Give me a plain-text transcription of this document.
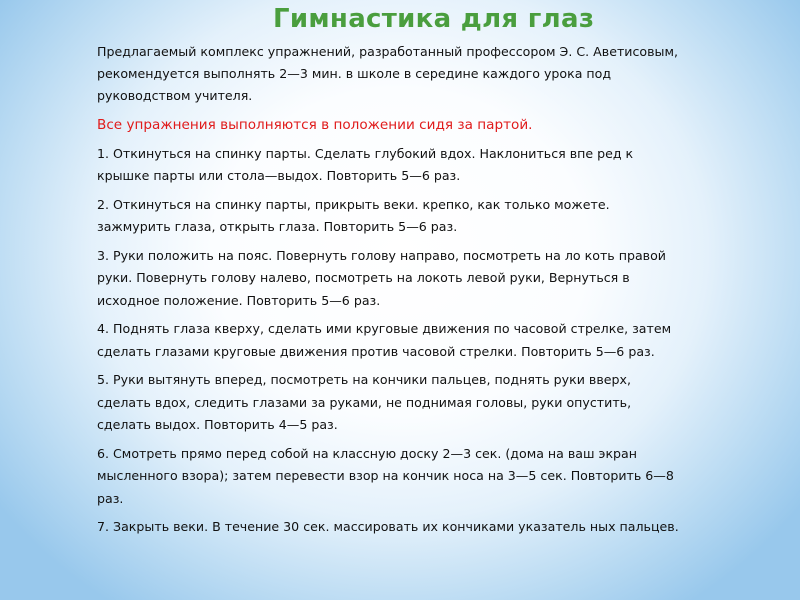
Гимнастика для глаз

Предлагаемый комплекс упражнений, разработанный профессором Э. С. Аветисовым, рекомендуется выполнять 2—3 мин. в школе в середине каждого урока под руководством учителя.

Все упражнения выполняются в положении сидя за партой.

1. Откинуться на спинку парты. Сделать глубокий вдох. Наклониться впе ред к крышке парты или стола—выдох. Повторить 5—6 раз.

2. Откинуться на спинку парты, прикрыть веки. крепко, как только можете. зажмурить глаза, открыть глаза. Повторить 5—6 раз.

3. Руки положить на пояс. Повернуть голову направо, посмотреть на ло коть правой руки. Повернуть голову налево, посмотреть на локоть левой руки, Вернуться в исходное положение. Повторить 5—6 раз.

4. Поднять глаза кверху, сделать ими круговые движения по часовой стрелке, затем сделать глазами круговые движения против часовой стрелки. Повторить 5—6 раз.

5. Руки вытянуть вперед, посмотреть на кончики пальцев, поднять руки вверх, сделать вдох, следить глазами за руками, не поднимая головы, руки опустить, сделать выдох. Повторить 4—5 раз.

6. Смотреть прямо перед собой на классную доску 2—3 сек. (дома на ваш экран мысленного взора); затем перевести взор на кончик носа на 3—5 сек. Повторить 6—8 раз.

7. Закрыть веки. В течение 30 сек. массировать их кончиками указатель ных пальцев.
